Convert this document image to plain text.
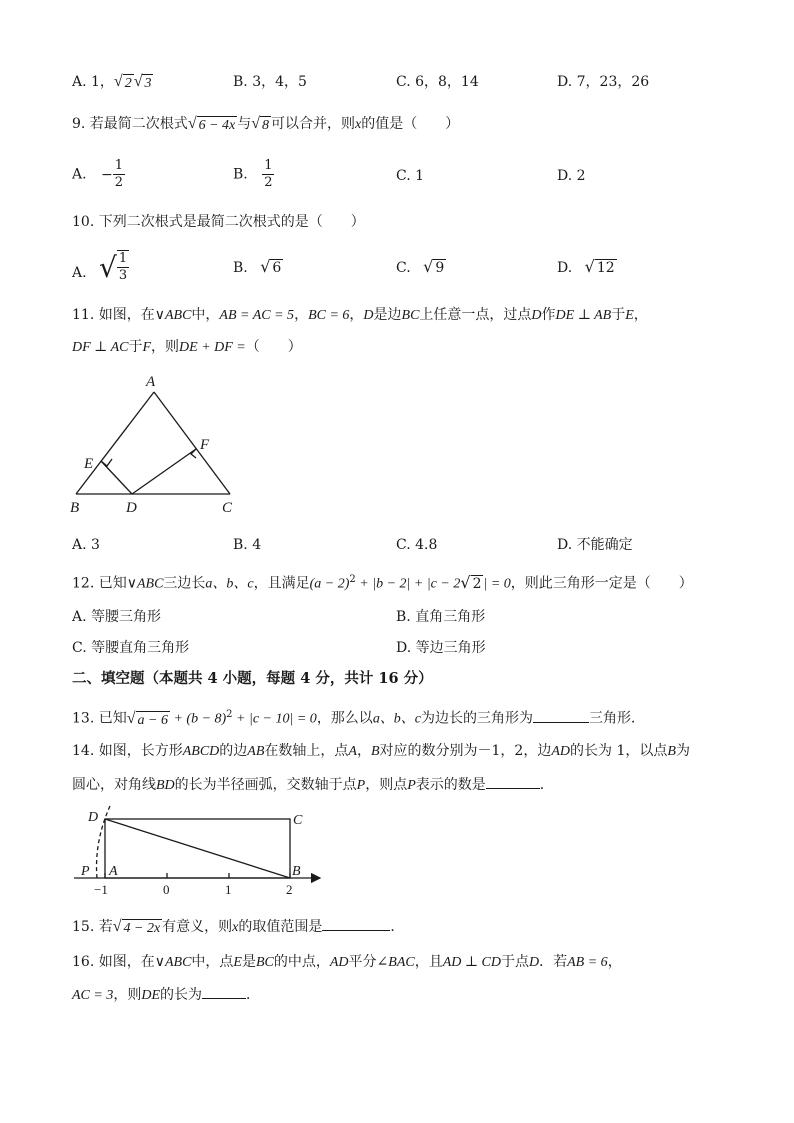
A. 1， √ 2 √ 3	B. 3，4，5	C. 6，8，14	D. 7，23，26
9. 若最简二次根式 √ 6 − 4x 与 √ 8 可以合并，则x的值是（　　）
A. − $\frac{1}{2}$	B. $\frac{1}{2}$	C. 1	D. 2
10. 下列二次根式是最简二次根式的是（　　）
A. √ $\frac{1}{3}$	B. √ 6	C. √ 9	D. √ 12
11. 如图，在∨ABC中，AB = AC = 5，BC = 6，D是边BC上任意一点，过点D作DE ⊥ AB于E，
DF ⊥ AC于F，则DE + DF =（　　）
A
B	C
D
E
F
A. 3	B. 4	C. 4.8	D. 不能确定
12. 已知∨ABC三边长a、b、c，且满足$(a - 2)^2 + |b - 2| + |c - 2$ √ 2 | = 0，则此三角形一定是（　　）
A. 等腰三角形	B. 直角三角形
C. 等腰直角三角形	D. 等边三角形
二、填空题（本题共 4 小题，每题 4 分，共计 16 分）
13. 已知 √ $a - 6 + (b - 8)^2 + |c - 10| = 0$，那么以a、b、c为边长的三角形为	三角形．
14. 如图，长方形ABCD的边AB在数轴上，点A，B对应的数分别为－1，2，边AD的长为 1，以点B为
圆心，对角线BD的长为半径画弧，交数轴于点P，则点P表示的数是	．
D	C
P A	B
−1	0	1	2
15. 若 √ 4 − 2x 有意义，则x的取值范围是	．
16. 如图，在∨ABC中，点E是BC的中点，AD平分∠BAC，且AD ⊥ CD于点D．若AB = 6，
AC = 3，则DE的长为	．
